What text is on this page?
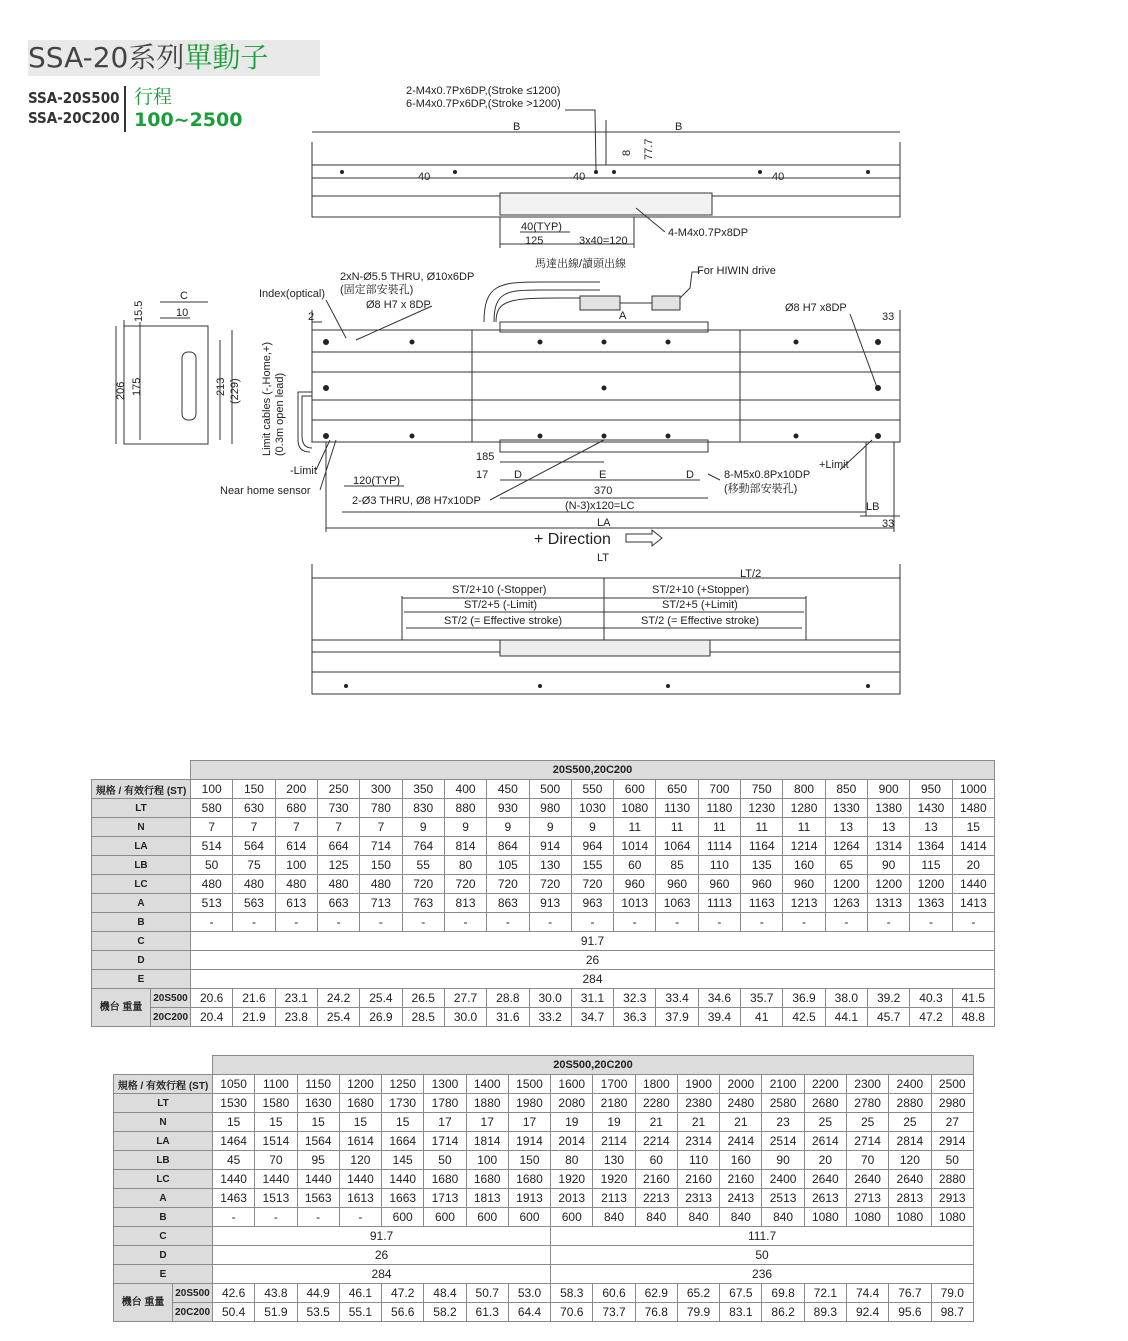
SSA-20系列單動子
SSA-20S500
SSA-20C200
行程
100~2500
2-M4x0.7Px6DP,(Stroke ≤1200)
6-M4x0.7Px6DP,(Stroke >1200)
B	B
40	40	40
8 77.7
40(TYP)
125	3x40=120
4-M4x0.7Px8DP
馬達出線/讀頭出線
For HIWIN drive
2xN-Ø5.5 THRU, Ø10x6DP
(固定部安裝孔)
Index(optical)
Ø8 H7 x 8DP	Ø8 H7 x8DP
2	A	33
C
10
15.5
206 175	213 (229) Limit cables (-,Home,+) (0.3m open lead)
-Limit	+Limit
Near home sensor
120(TYP)
2-Ø3 THRU, Ø8 H7x10DP
185
17 D	E	D
370
8-M5x0.8Px10DP
(移動部安裝孔)
(N-3)x120=LC	LB
LA	33
+ Direction
LT
LT/2
ST/2+10 (-Stopper)	ST/2+10 (+Stopper)
ST/2+5 (-Limit)	ST/2+5 (+Limit)
ST/2 (= Effective stroke)	ST/2 (= Effective stroke)
		20S500,20C200																		
規格 / 有效行程 (ST)		100	150	200	250	300	350	400	450	500	550	600	650	700	750	800	850	900	950	1000
LT		580	630	680	730	780	830	880	930	980	1030	1080	1130	1180	1230	1280	1330	1380	1430	1480
N		7	7	7	7	7	9	9	9	9	9	11	11	11	11	11	13	13	13	15
LA		514	564	614	664	714	764	814	864	914	964	1014	1064	1114	1164	1214	1264	1314	1364	1414
LB		50	75	100	125	150	55	80	105	130	155	60	85	110	135	160	65	90	115	20
LC		480	480	480	480	480	720	720	720	720	720	960	960	960	960	960	1200	1200	1200	1440
A		513	563	613	663	713	763	813	863	913	963	1013	1063	1113	1163	1213	1263	1313	1363	1413
B		-	-	-	-	-	-	-	-	-	-	-	-	-	-	-	-	-	-	-
C		91.7																		
D		26																		
E		284																		
機台 重量	20S500	20.6	21.6	23.1	24.2	25.4	26.5	27.7	28.8	30.0	31.1	32.3	33.4	34.6	35.7	36.9	38.0	39.2	40.3	41.5
	20C200	20.4	21.9	23.8	25.4	26.9	28.5	30.0	31.6	33.2	34.7	36.3	37.9	39.4	41	42.5	44.1	45.7	47.2	48.8
		20S500,20C200																	
規格 / 有效行程 (ST)		1050	1100	1150	1200	1250	1300	1400	1500	1600	1700	1800	1900	2000	2100	2200	2300	2400	2500
LT		1530	1580	1630	1680	1730	1780	1880	1980	2080	2180	2280	2380	2480	2580	2680	2780	2880	2980
N		15	15	15	15	15	17	17	17	19	19	21	21	21	23	25	25	25	27
LA		1464	1514	1564	1614	1664	1714	1814	1914	2014	2114	2214	2314	2414	2514	2614	2714	2814	2914
LB		45	70	95	120	145	50	100	150	80	130	60	110	160	90	20	70	120	50
LC		1440	1440	1440	1440	1440	1680	1680	1680	1920	1920	2160	2160	2160	2400	2640	2640	2640	2880
A		1463	1513	1563	1613	1663	1713	1813	1913	2013	2113	2213	2313	2413	2513	2613	2713	2813	2913
B		-	-	-	-	600	600	600	600	600	840	840	840	840	840	1080	1080	1080	1080
C		91.7								111.7									
D		26								50									
E		284								236									
機台 重量	20S500	42.6	43.8	44.9	46.1	47.2	48.4	50.7	53.0	58.3	60.6	62.9	65.2	67.5	69.8	72.1	74.4	76.7	79.0
	20C200	50.4	51.9	53.5	55.1	56.6	58.2	61.3	64.4	70.6	73.7	76.8	79.9	83.1	86.2	89.3	92.4	95.6	98.7
